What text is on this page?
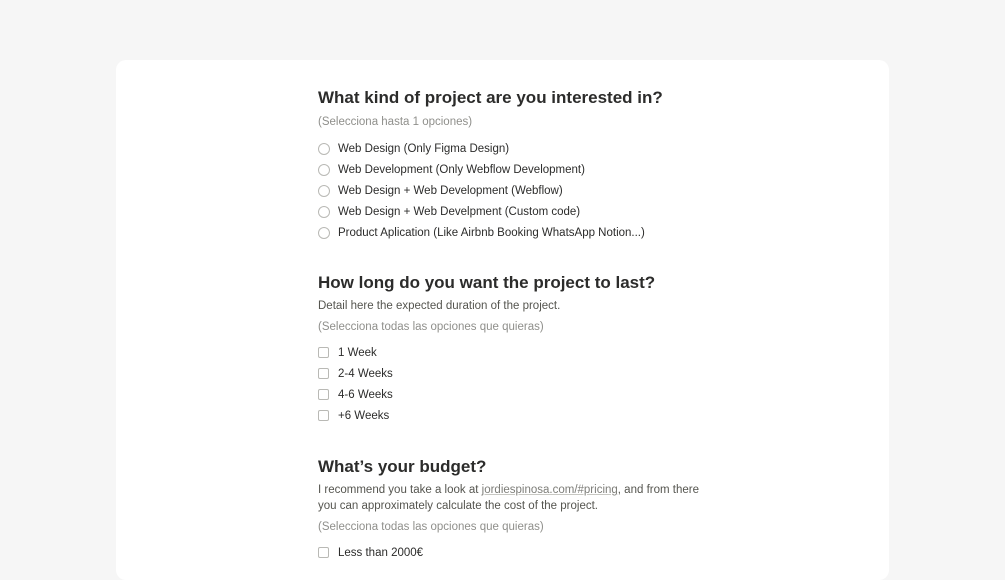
What kind of project are you interested in?
(Selecciona hasta 1 opciones)
Web Design (Only Figma Design)
Web Development (Only Webflow Development)
Web Design + Web Development (Webflow)
Web Design + Web Develpment (Custom code)
Product Aplication (Like Airbnb Booking WhatsApp Notion...)
How long do you want the project to last?
Detail here the expected duration of the project.
(Selecciona todas las opciones que quieras)
1 Week
2-4 Weeks
4-6 Weeks
+6 Weeks
What’s your budget?
I recommend you take a look at jordiespinosa.com/#pricing, and from there you can approximately calculate the cost of the project.
(Selecciona todas las opciones que quieras)
Less than 2000€
